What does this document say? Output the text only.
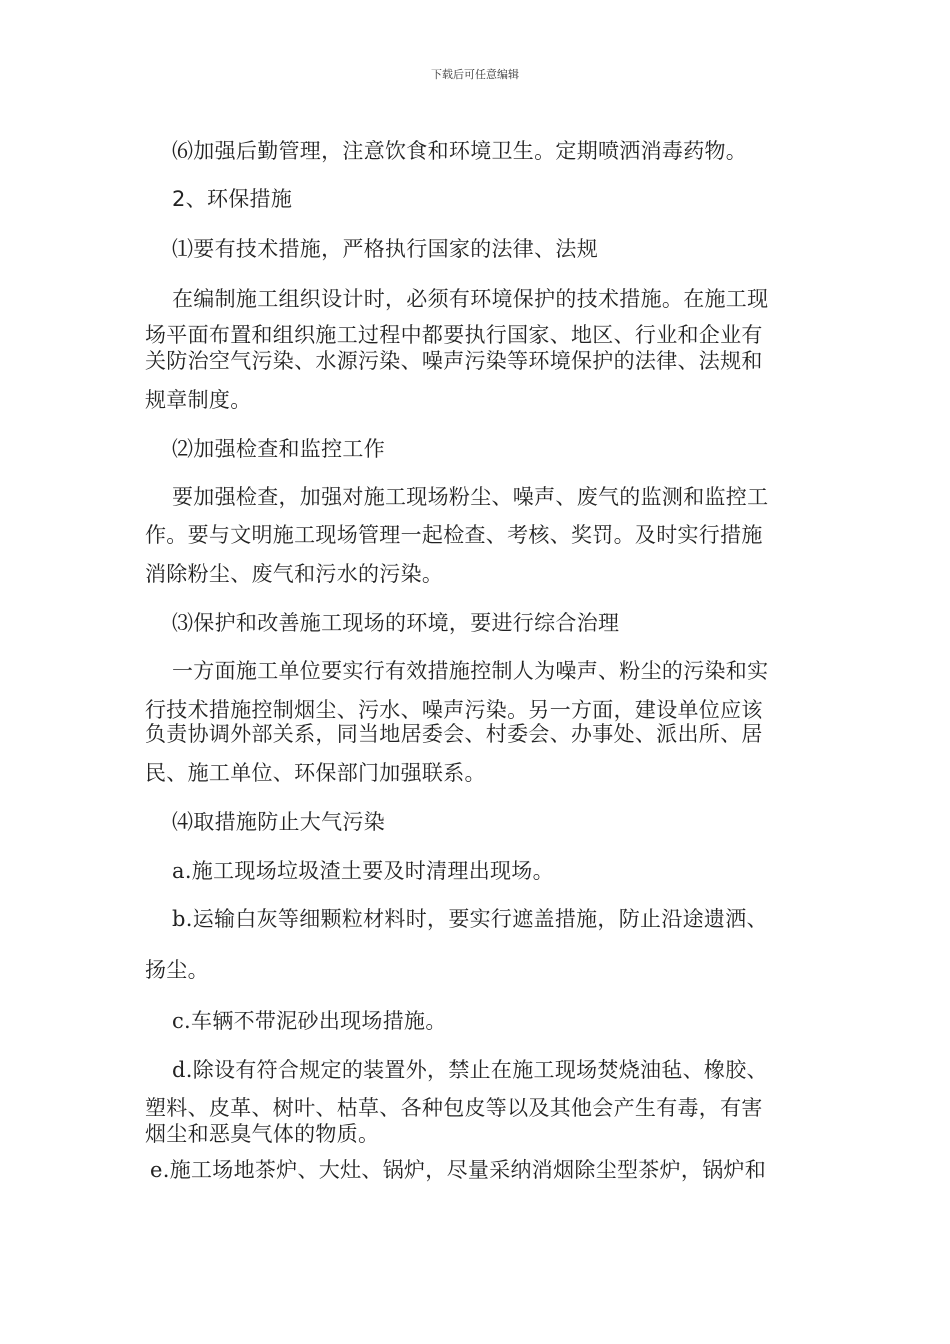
下载后可任意编辑
⑹加强后勤管理，注意饮食和环境卫生。定期喷洒消毒药物。
2、环保措施
⑴要有技术措施，严格执行国家的法律、法规
在编制施工组织设计时，必须有环境保护的技术措施。在施工现
场平面布置和组织施工过程中都要执行国家、地区、行业和企业有
关防治空气污染、水源污染、噪声污染等环境保护的法律、法规和
规章制度。
⑵加强检查和监控工作
要加强检查，加强对施工现场粉尘、噪声、废气的监测和监控工
作。要与文明施工现场管理一起检查、考核、奖罚。及时实行措施
消除粉尘、废气和污水的污染。
⑶保护和改善施工现场的环境，要进行综合治理
一方面施工单位要实行有效措施控制人为噪声、粉尘的污染和实
行技术措施控制烟尘、污水、噪声污染。另一方面，建设单位应该
负责协调外部关系，同当地居委会、村委会、办事处、派出所、居
民、施工单位、环保部门加强联系。
⑷取措施防止大气污染
a.施工现场垃圾渣土要及时清理出现场。
b.运输白灰等细颗粒材料时，要实行遮盖措施，防止沿途遗洒、
扬尘。
c.车辆不带泥砂出现场措施。
d.除设有符合规定的装置外，禁止在施工现场焚烧油毡、橡胶、
塑料、皮革、树叶、枯草、各种包皮等以及其他会产生有毒，有害
烟尘和恶臭气体的物质。
e.施工场地茶炉、大灶、锅炉，尽量采纳消烟除尘型茶炉，锅炉和
